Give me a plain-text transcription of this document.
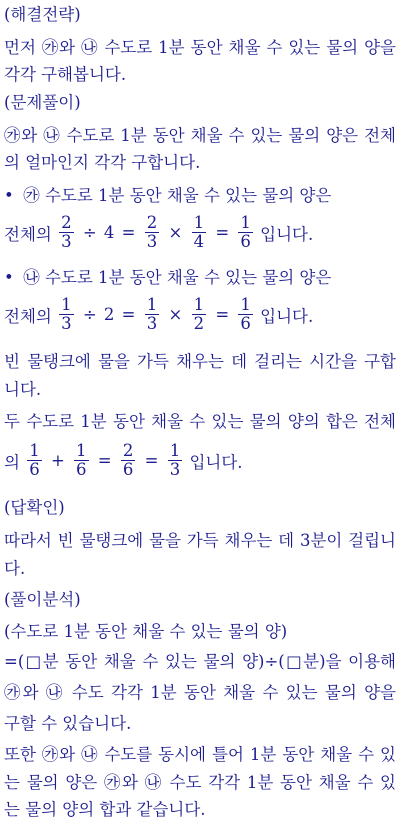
(해결전략)
먼저 ㉮와 ㉯ 수도로 1분 동안 채울 수 있는 물의 양을
각각 구해봅니다.
(문제풀이)
㉮와 ㉯ 수도로 1분 동안 채울 수 있는 물의 양은 전체
의 얼마인지 각각 구합니다.
• ㉮ 수도로 1분 동안 채울 수 있는 물의 양은
전체의 $\frac{2}{3} \div 4 = \frac{2}{3} \times \frac{1}{4} = \frac{1}{6}$ 입니다.
• ㉯ 수도로 1분 동안 채울 수 있는 물의 양은
전체의 $\frac{1}{3} \div 2 = \frac{1}{3} \times \frac{1}{2} = \frac{1}{6}$ 입니다.
빈 물탱크에 물을 가득 채우는 데 걸리는 시간을 구합
니다.
두 수도로 1분 동안 채울 수 있는 물의 양의 합은 전체
의 $\frac{1}{6} + \frac{1}{6} = \frac{2}{6} = \frac{1}{3}$ 입니다.
(답확인)
따라서 빈 물탱크에 물을 가득 채우는 데 3분이 걸립니
다.
(풀이분석)
(수도로 1분 동안 채울 수 있는 물의 양)
=(□분 동안 채울 수 있는 물의 양)÷(□분)을 이용해
㉮와 ㉯ 수도 각각 1분 동안 채울 수 있는 물의 양을
구할 수 있습니다.
또한 ㉮와 ㉯ 수도를 동시에 틀어 1분 동안 채울 수 있
는 물의 양은 ㉮와 ㉯ 수도 각각 1분 동안 채울 수 있
는 물의 양의 합과 같습니다.
